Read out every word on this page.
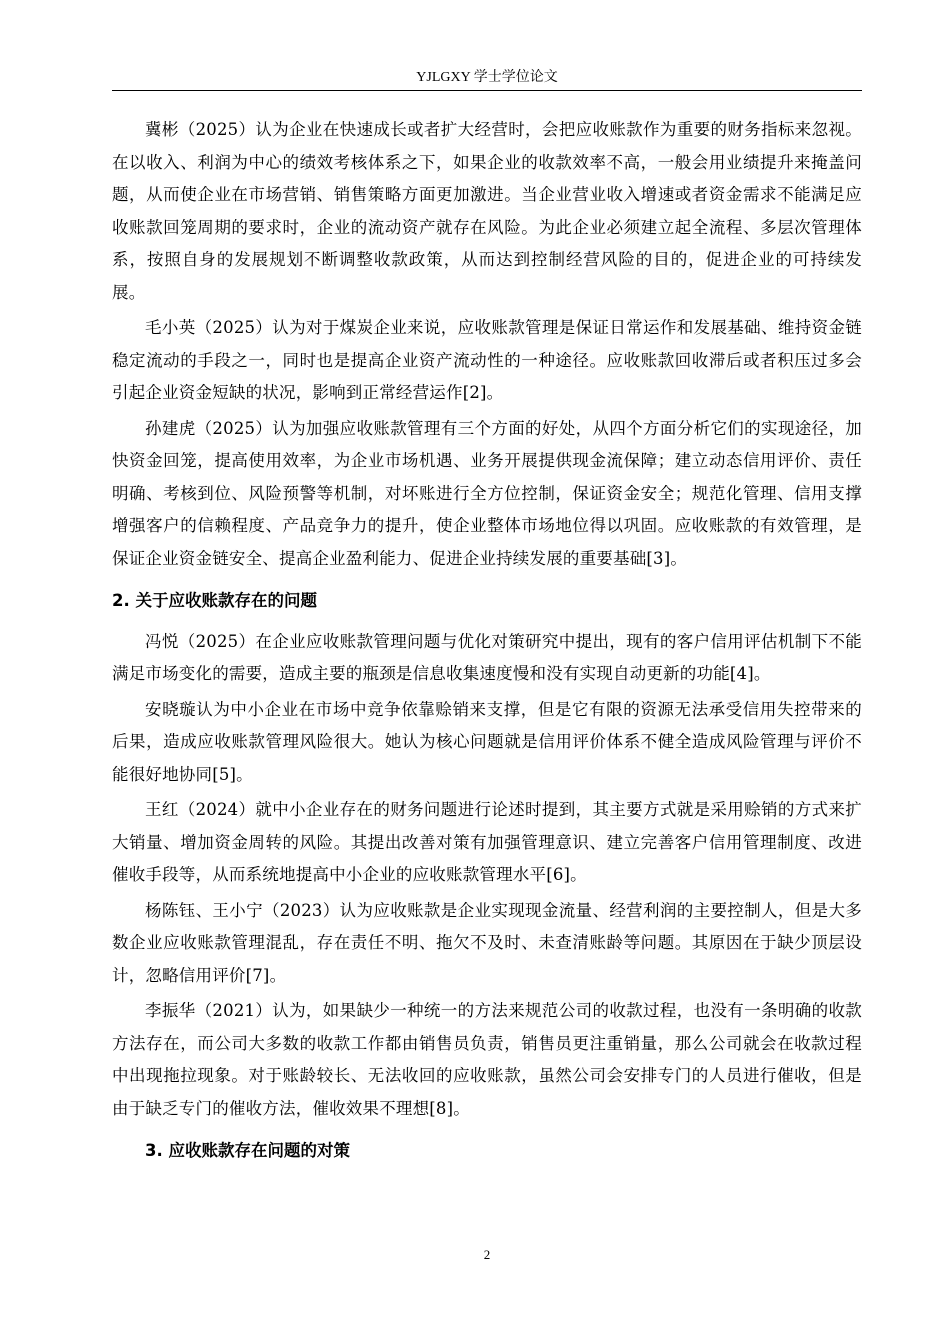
YJLGXY 学士学位论文

冀彬（2025）认为企业在快速成长或者扩大经营时，会把应收账款作为重要的财务指标来忽视。在以收入、利润为中心的绩效考核体系之下，如果企业的收款效率不高，一般会用业绩提升来掩盖问题，从而使企业在市场营销、销售策略方面更加激进。当企业营业收入增速或者资金需求不能满足应收账款回笼周期的要求时，企业的流动资产就存在风险。为此企业必须建立起全流程、多层次管理体系，按照自身的发展规划不断调整收款政策，从而达到控制经营风险的目的，促进企业的可持续发展。

毛小英（2025）认为对于煤炭企业来说，应收账款管理是保证日常运作和发展基础、维持资金链稳定流动的手段之一，同时也是提高企业资产流动性的一种途径。应收账款回收滞后或者积压过多会引起企业资金短缺的状况，影响到正常经营运作[2]。

孙建虎（2025）认为加强应收账款管理有三个方面的好处，从四个方面分析它们的实现途径，加快资金回笼，提高使用效率，为企业市场机遇、业务开展提供现金流保障；建立动态信用评价、责任明确、考核到位、风险预警等机制，对坏账进行全方位控制，保证资金安全；规范化管理、信用支撑增强客户的信赖程度、产品竞争力的提升，使企业整体市场地位得以巩固。应收账款的有效管理，是保证企业资金链安全、提高企业盈利能力、促进企业持续发展的重要基础[3]。

2. 关于应收账款存在的问题

冯悦（2025）在企业应收账款管理问题与优化对策研究中提出，现有的客户信用评估机制下不能满足市场变化的需要，造成主要的瓶颈是信息收集速度慢和没有实现自动更新的功能[4]。

安晓璇认为中小企业在市场中竞争依靠赊销来支撑，但是它有限的资源无法承受信用失控带来的后果，造成应收账款管理风险很大。她认为核心问题就是信用评价体系不健全造成风险管理与评价不能很好地协同[5]。

王红（2024）就中小企业存在的财务问题进行论述时提到，其主要方式就是采用赊销的方式来扩大销量、增加资金周转的风险。其提出改善对策有加强管理意识、建立完善客户信用管理制度、改进催收手段等，从而系统地提高中小企业的应收账款管理水平[6]。

杨陈钰、王小宁（2023）认为应收账款是企业实现现金流量、经营利润的主要控制人，但是大多数企业应收账款管理混乱，存在责任不明、拖欠不及时、未查清账龄等问题。其原因在于缺少顶层设计，忽略信用评价[7]。

李振华（2021）认为，如果缺少一种统一的方法来规范公司的收款过程，也没有一条明确的收款方法存在，而公司大多数的收款工作都由销售员负责，销售员更注重销量，那么公司就会在收款过程中出现拖拉现象。对于账龄较长、无法收回的应收账款，虽然公司会安排专门的人员进行催收，但是由于缺乏专门的催收方法，催收效果不理想[8]。

3. 应收账款存在问题的对策
2
